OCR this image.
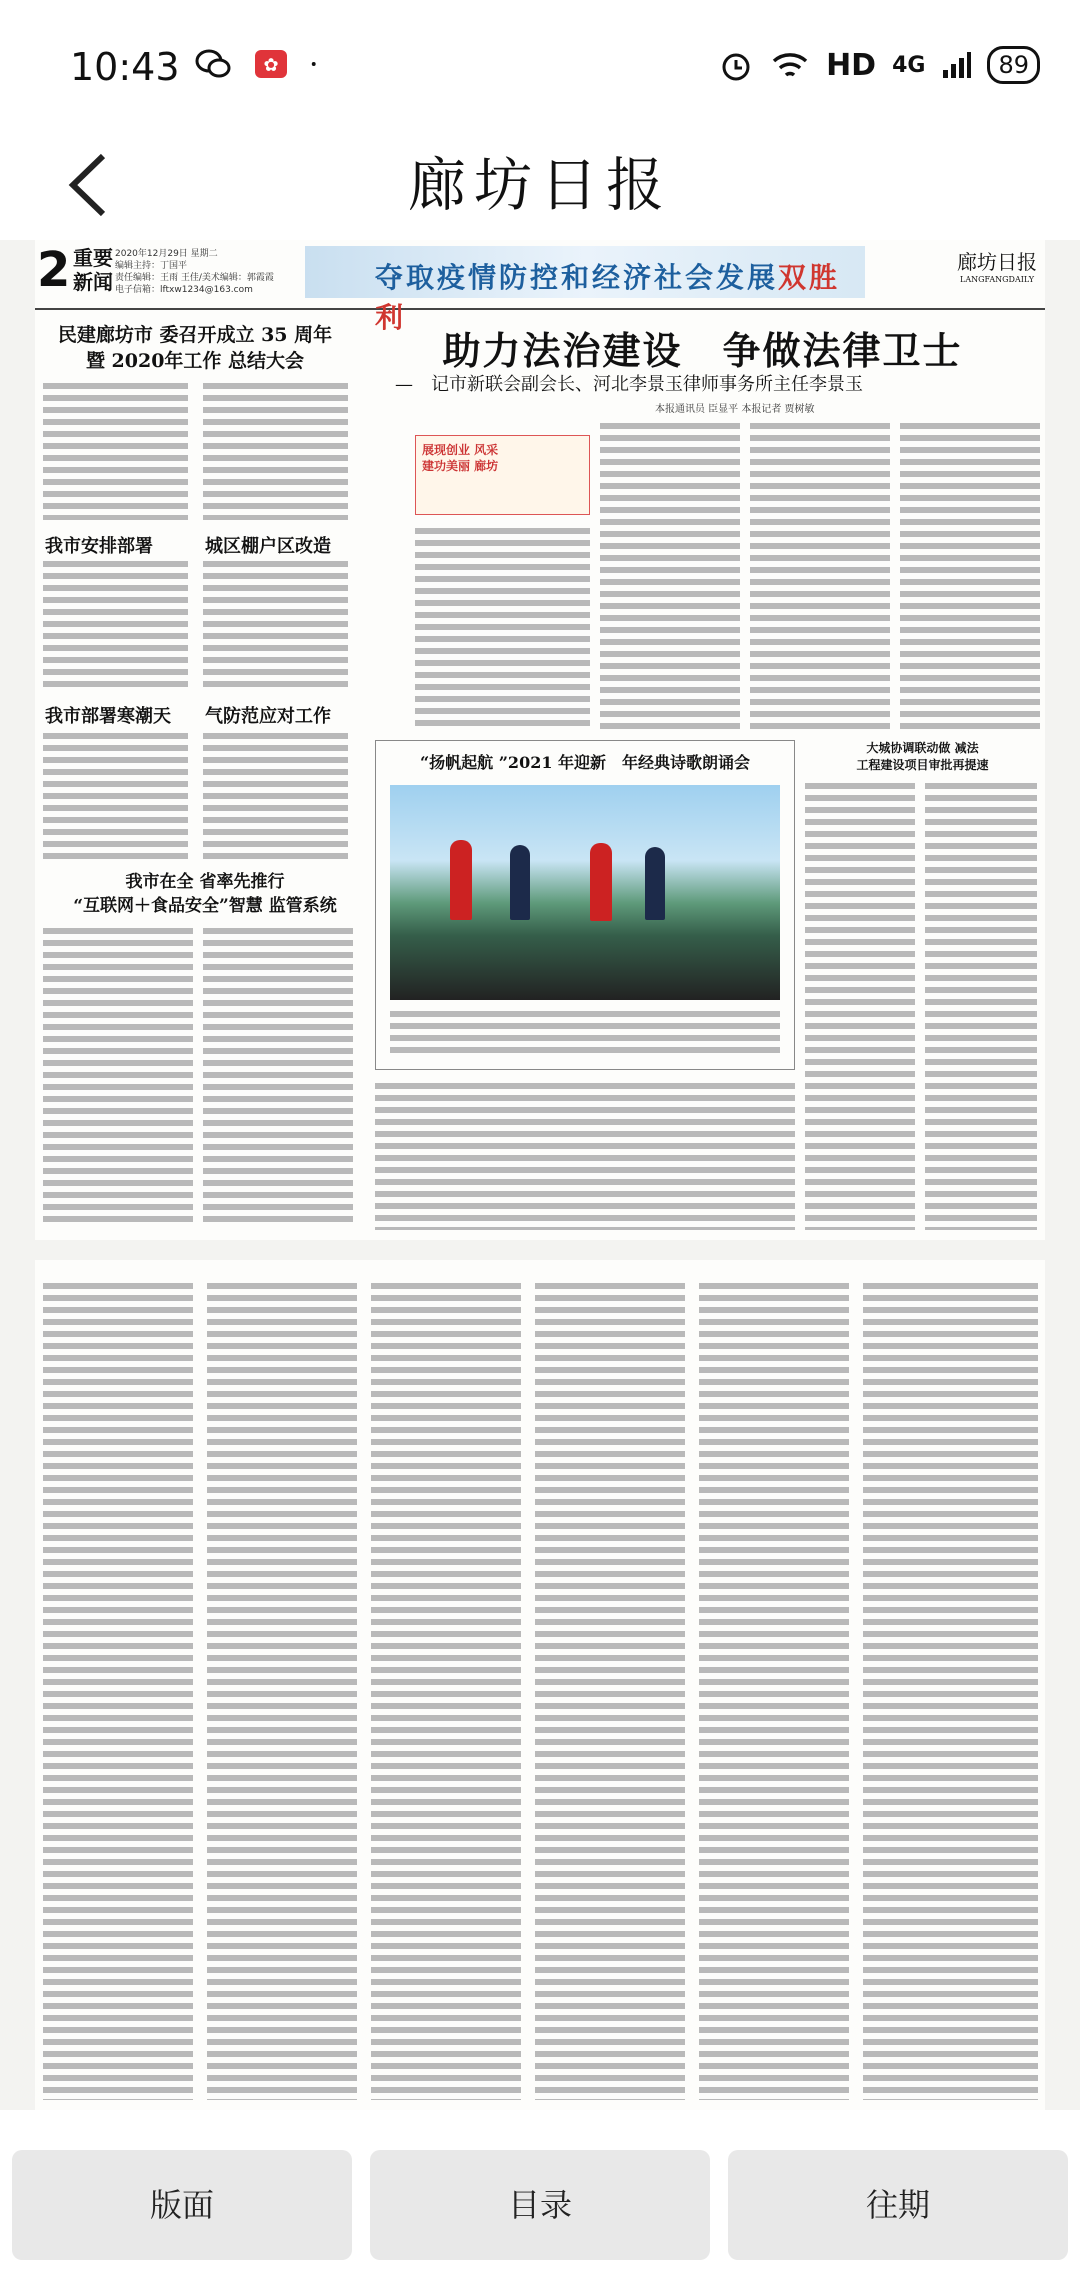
10:43	✿	HD 4G	89
廊坊日报
2 重要
新闻
2020年12月29日 星期二
编辑主持：丁国平
责任编辑：王雨 王佳/美术编辑：郭霞霞
电子信箱：lftxw1234@163.com	夺取疫情防控和经济社会发展双胜利
廊坊日报
LANGFANGDAILY
民建廊坊市 委召开成立 35 周年
暨 2020年工作 总结大会
我市安排部署	城区棚户区改造
我市部署寒潮天	气防范应对工作
我市在全 省率先推行
“互联网＋食品安全”智慧 监管系统
助力法治建设　争做法律卫士
—　记市新联会副会长、河北李景玉律师事务所主任李景玉
本报通讯员 臣显平 本报记者 贾树敏
展现创业 风采
建功美丽 廊坊
“扬帆起航 ”2021 年迎新　年经典诗歌朗诵会
大城协调联动做 减法
工程建设项目审批再提速
版面	目录	往期
